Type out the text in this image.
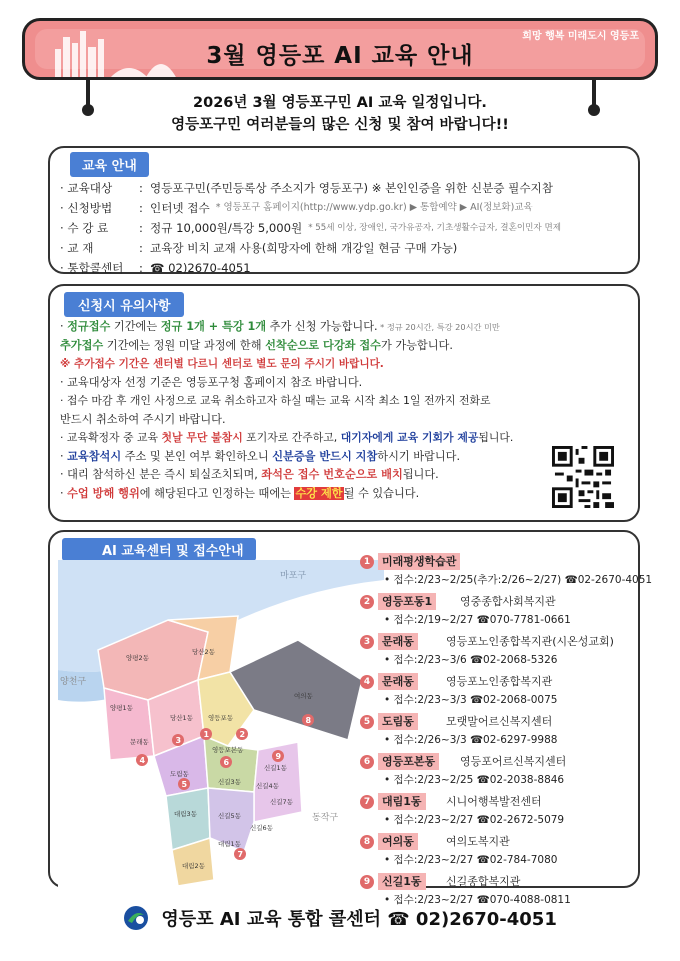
3월 영등포 AI 교육 안내
희망 행복 미래도시 영등포
2026년 3월 영등포구민 AI 교육 일정입니다.
영등포구민 여러분들의 많은 신청 및 참여 바랍니다!!
교육 안내
· 교육대상	: 영등포구민(주민등록상 주소지가 영등포구) ※ 본인인증을 위한 신분증 필수지참
· 신청방법	: 인터넷 접수 * 영등포구 홈페이지(http://www.ydp.go.kr) ▶ 통합예약 ▶ AI(정보화)교육
· 수 강 료	: 정규 10,000원/특강 5,000원 * 55세 이상, 장애인, 국가유공자, 기초생활수급자, 결혼이민자 면제
· 교 재	: 교육장 비치 교재 사용(희망자에 한해 개강일 현금 구매 가능)
· 통합콜센터	: ☎ 02)2670-4051
신청시 유의사항

· 정규접수 기간에는 정규 1개 + 특강 1개 추가 신청 가능합니다. * 정규 20시간, 특강 20시간 미만

추가접수 기간에는 정원 미달 과정에 한해 선착순으로 다강좌 접수가 가능합니다.

※ 추가접수 기간은 센터별 다르니 센터로 별도 문의 주시기 바랍니다.

· 교육대상자 선정 기준은 영등포구청 홈페이지 참조 바랍니다.

· 접수 마감 후 개인 사정으로 교육 취소하고자 하실 때는 교육 시작 최소 1일 전까지 전화로

반드시 취소하여 주시기 바랍니다.

· 교육확정자 중 교육 첫날 무단 불참시 포기자로 간주하고, 대기자에게 교육 기회가 제공됩니다.

· 교육참석시 주소 및 본인 여부 확인하오니 신분증을 반드시 지참하시기 바랍니다.

· 대리 참석하신 분은 즉시 퇴실조치되며, 좌석은 접수 번호순으로 배치됩니다.

· 수업 방해 행위에 해당된다고 인정하는 때에는 수강 제한될 수 있습니다.

AI 교육센터 및 접수안내
마포구
양천구
동작구
양평2동
당산2동
양평1동
당산1동 영등포동
문래동
여의동
영등포본동
도림동
신길1동
신길3동
대림3동	신길5동
신길7동
신길6동
대림1동
대림2동
신길4동
1	2
3
4
5
6
7
8
9
1	미래평생학습관
• 접수:2/23~2/25(추가:2/26~2/27) ☎02-2670-4051
2	영등포동1	영중종합사회복지관
• 접수:2/19~2/27 ☎070-7781-0661
3	문래동	영등포노인종합복지관(시온성교회)
• 접수:2/23~3/6 ☎02-2068-5326
4	문래동	영등포노인종합복지관
• 접수:2/23~3/3 ☎02-2068-0075
5	도림동	모랫말어르신복지센터
• 접수:2/26~3/3 ☎02-6297-9988
6	영등포본동	영등포어르신복지센터
• 접수:2/23~2/25 ☎02-2038-8846
7	대림1동	시니어행복발전센터
• 접수:2/23~2/27 ☎02-2672-5079
8	여의동	여의도복지관
• 접수:2/23~2/27 ☎02-784-7080
9	신길1동	신길종합복지관
• 접수:2/23~2/27 ☎070-4088-0811
영등포 AI 교육 통합 콜센터 ☎ 02)2670-4051
